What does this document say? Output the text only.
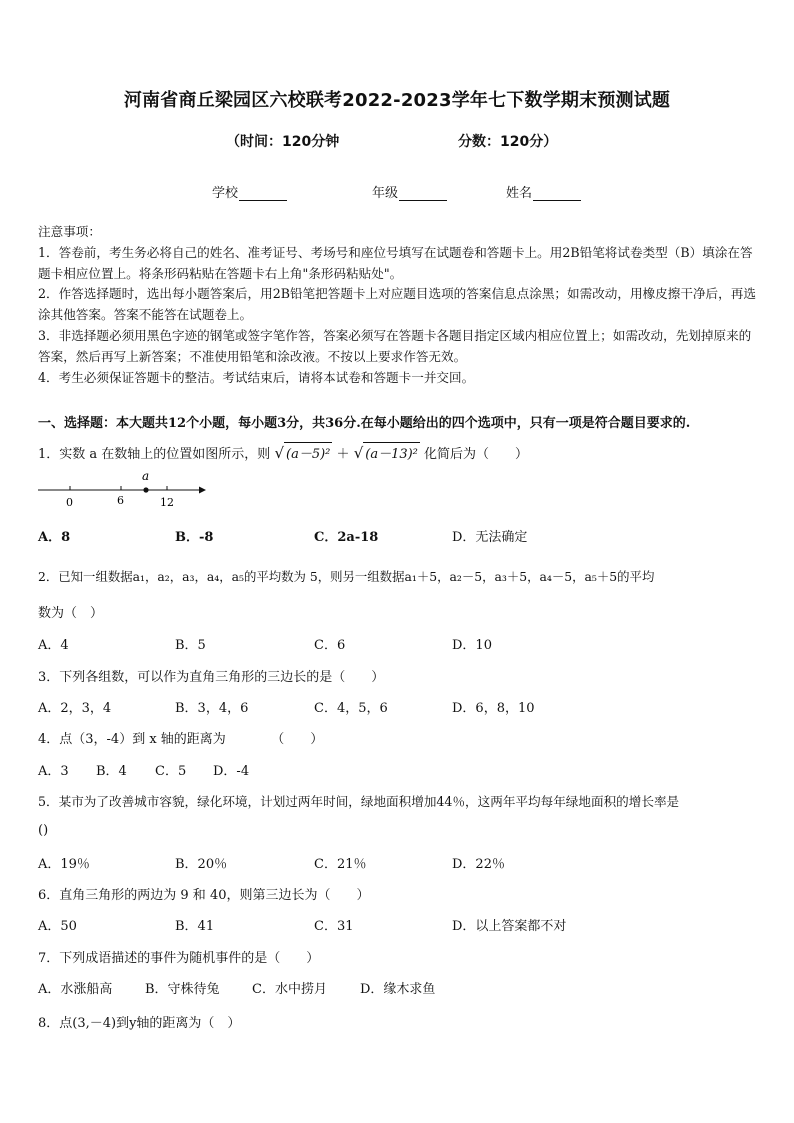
河南省商丘梁园区六校联考2022-2023学年七下数学期末预测试题
（时间：120分钟	分数：120分）
学校	年级	姓名

注意事项：

1．答卷前，考生务必将自己的姓名、准考证号、考场号和座位号填写在试题卷和答题卡上。用2B铅笔将试卷类型（B）填涂在答题卡相应位置上。将条形码粘贴在答题卡右上角"条形码粘贴处"。

2．作答选择题时，选出每小题答案后，用2B铅笔把答题卡上对应题目选项的答案信息点涂黑；如需改动，用橡皮擦干净后，再选涂其他答案。答案不能答在试题卷上。

3．非选择题必须用黑色字迹的钢笔或签字笔作答，答案必须写在答题卡各题目指定区域内相应位置上；如需改动，先划掉原来的答案，然后再写上新答案；不准使用铅笔和涂改液。不按以上要求作答无效。

4．考生必须保证答题卡的整洁。考试结束后，请将本试卷和答题卡一并交回。

一、选择题：本大题共12个小题，每小题3分，共36分.在每小题给出的四个选项中，只有一项是符合题目要求的.
1．实数 a 在数轴上的位置如图所示，则 √ (a－5)² ＋ √ (a－13)² 化简后为（　　）
a
0	6	12
A．8	B．-8	C．2a-18	D．无法确定
2．已知一组数据a₁，a₂，a₃，a₄，a₅的平均数为 5，则另一组数据a₁＋5，a₂－5，a₃＋5，a₄－5，a₅＋5的平均
数为（　）
A．4	B．5	C．6	D．10
3．下列各组数，可以作为直角三角形的三边长的是（　　）
A．2，3，4	B．3，4，6	C．4，5，6	D．6，8，10
4．点（3，-4）到 x 轴的距离为　　　　（　　）
A．3 B．4 C．5 D．-4
5．某市为了改善城市容貌，绿化环境，计划过两年时间，绿地面积增加44％，这两年平均每年绿地面积的增长率是
()
A．19％	B．20％	C．21％	D．22％
6．直角三角形的两边为 9 和 40，则第三边长为（　　）
A．50	B．41	C．31	D．以上答案都不对
7．下列成语描述的事件为随机事件的是（　　）
A．水涨船高	B．守株待兔 C．水中捞月	D．缘木求鱼
8．点(3,－4)到y轴的距离为（　）
